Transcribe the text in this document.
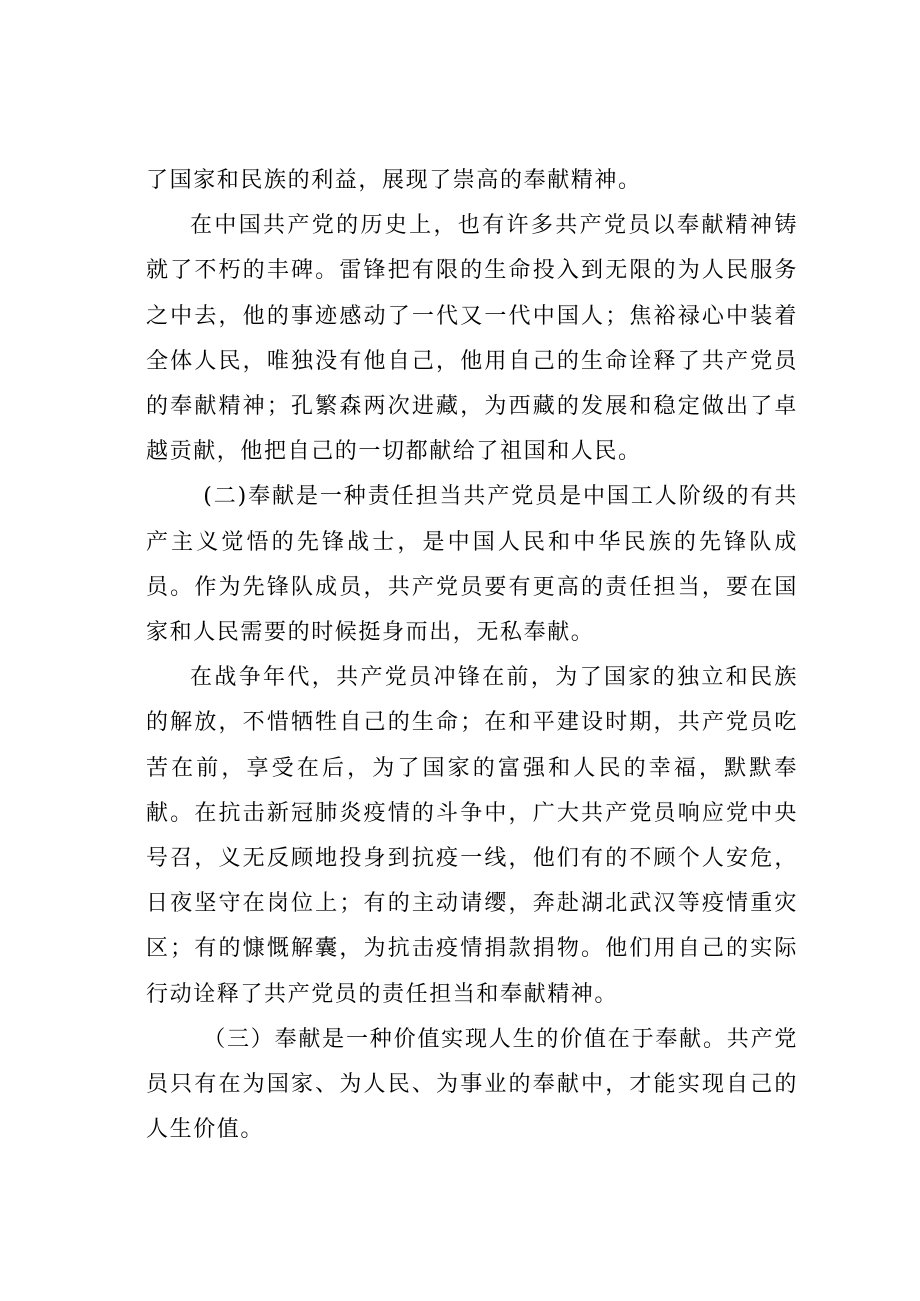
了国家和民族的利益，展现了崇高的奉献精神。

在中国共产党的历史上，也有许多共产党员以奉献精神铸就了不朽的丰碑。雷锋把有限的生命投入到无限的为人民服务之中去，他的事迹感动了一代又一代中国人；焦裕禄心中装着全体人民，唯独没有他自己，他用自己的生命诠释了共产党员的奉献精神；孔繁森两次进藏，为西藏的发展和稳定做出了卓越贡献，他把自己的一切都献给了祖国和人民。

(二)奉献是一种责任担当共产党员是中国工人阶级的有共产主义觉悟的先锋战士，是中国人民和中华民族的先锋队成员。作为先锋队成员，共产党员要有更高的责任担当，要在国家和人民需要的时候挺身而出，无私奉献。

在战争年代，共产党员冲锋在前，为了国家的独立和民族的解放，不惜牺牲自己的生命；在和平建设时期，共产党员吃苦在前，享受在后，为了国家的富强和人民的幸福，默默奉献。在抗击新冠肺炎疫情的斗争中，广大共产党员响应党中央号召，义无反顾地投身到抗疫一线，他们有的不顾个人安危，日夜坚守在岗位上；有的主动请缨，奔赴湖北武汉等疫情重灾区；有的慷慨解囊，为抗击疫情捐款捐物。他们用自己的实际行动诠释了共产党员的责任担当和奉献精神。

（三）奉献是一种价值实现人生的价值在于奉献。共产党员只有在为国家、为人民、为事业的奉献中，才能实现自己的人生价值。
